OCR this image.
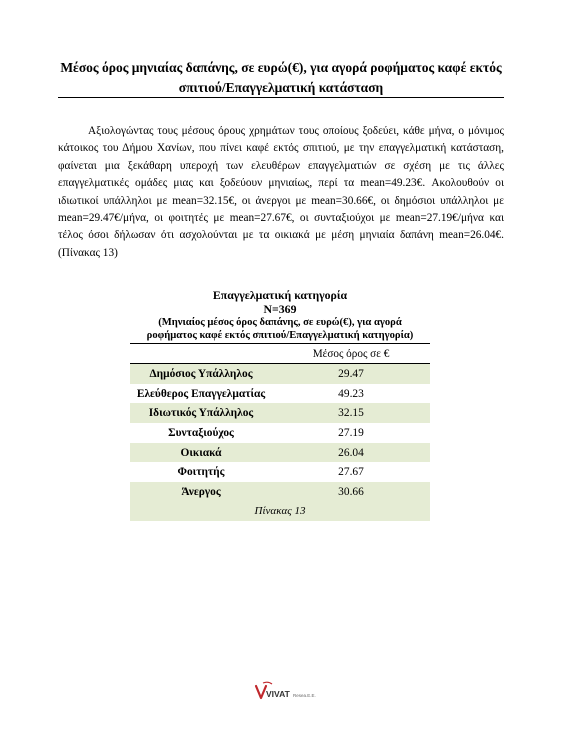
Μέσος όρος μηνιαίας δαπάνης, σε ευρώ(€), για αγορά ροφήματος καφέ εκτός σπιτιού/Επαγγελματική κατάσταση

Αξιολογώντας τους μέσους όρους χρημάτων τους οποίους ξοδεύει, κάθε μήνα, ο μόνιμος κάτοικος του Δήμου Χανίων, που πίνει καφέ εκτός σπιτιού, με την επαγγελματική κατάσταση, φαίνεται μια ξεκάθαρη υπεροχή των ελευθέρων επαγγελματιών σε σχέση με τις άλλες επαγγελματικές ομάδες μιας και ξοδεύουν μηνιαίως, περί τα mean=49.23€. Ακολουθούν οι ιδιωτικοί υπάλληλοι με mean=32.15€, οι άνεργοι με mean=30.66€, οι δημόσιοι υπάλληλοι με mean=29.47€/μήνα, οι φοιτητές με mean=27.67€, οι συνταξιούχοι με mean=27.19€/μήνα και τέλος όσοι δήλωσαν ότι ασχολούνται με τα οικιακά με μέση μηνιαία δαπάνη mean=26.04€. (Πίνακας 13)

Επαγγελματική κατηγορία
N=369
(Μηνιαίος μέσος όρος δαπάνης, σε ευρώ(€), για αγορά
ροφήματος καφέ εκτός σπιτιού/Επαγγελματική κατηγορία)
Μέσος όρος σε €
Δημόσιος Υπάλληλος	29.47
Ελεύθερος Επαγγελματίας	49.23
Ιδιωτικός Υπάλληλος	32.15
Συνταξιούχος	27.19
Οικιακά	26.04
Φοιτητής	27.67
Άνεργος	30.66
Πίνακας 13
VIVAT Resea.E.E.
